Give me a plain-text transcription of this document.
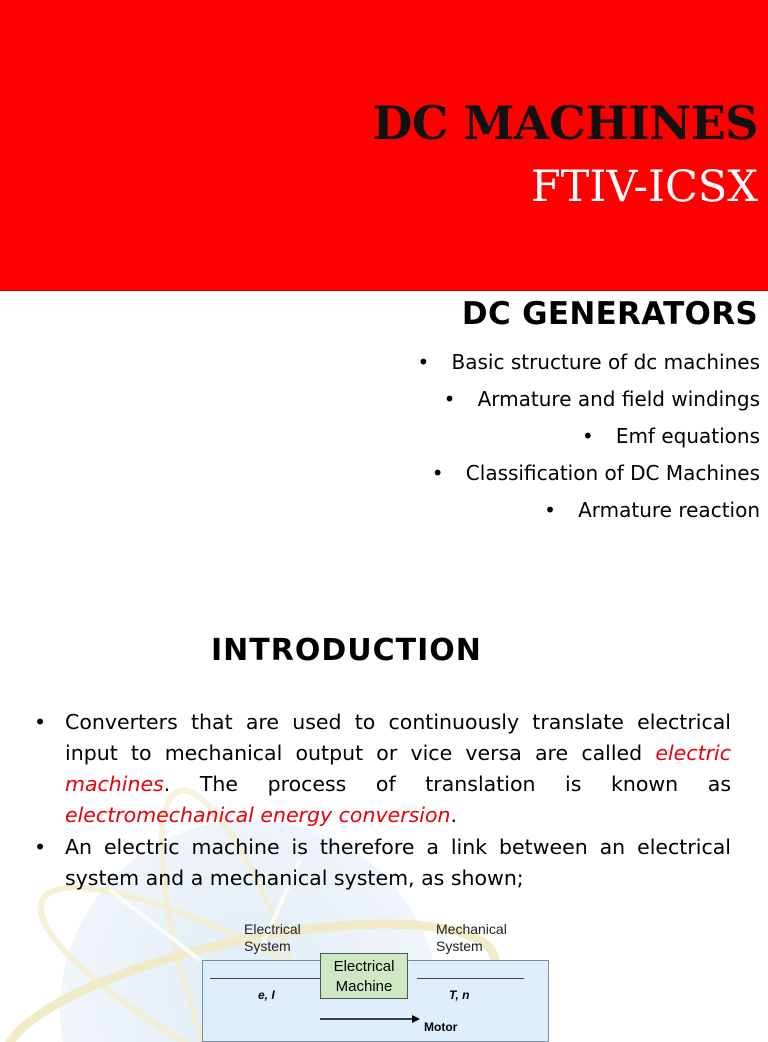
DC MACHINES
FTIV-ICSX
DC GENERATORS
• Basic structure of dc machines
• Armature and field windings
• Emf equations
• Classification of DC Machines
• Armature reaction
INTRODUCTION
• Converters that are used to continuously translate electrical input to mechanical output or vice versa are called electric machines. The process of translation is known as electromechanical energy conversion.
• An electric machine is therefore a link between an electrical system and a mechanical system, as shown;
Electrical
System
Mechanical
System
Electrical
Machine
e, I	T, n
Motor
